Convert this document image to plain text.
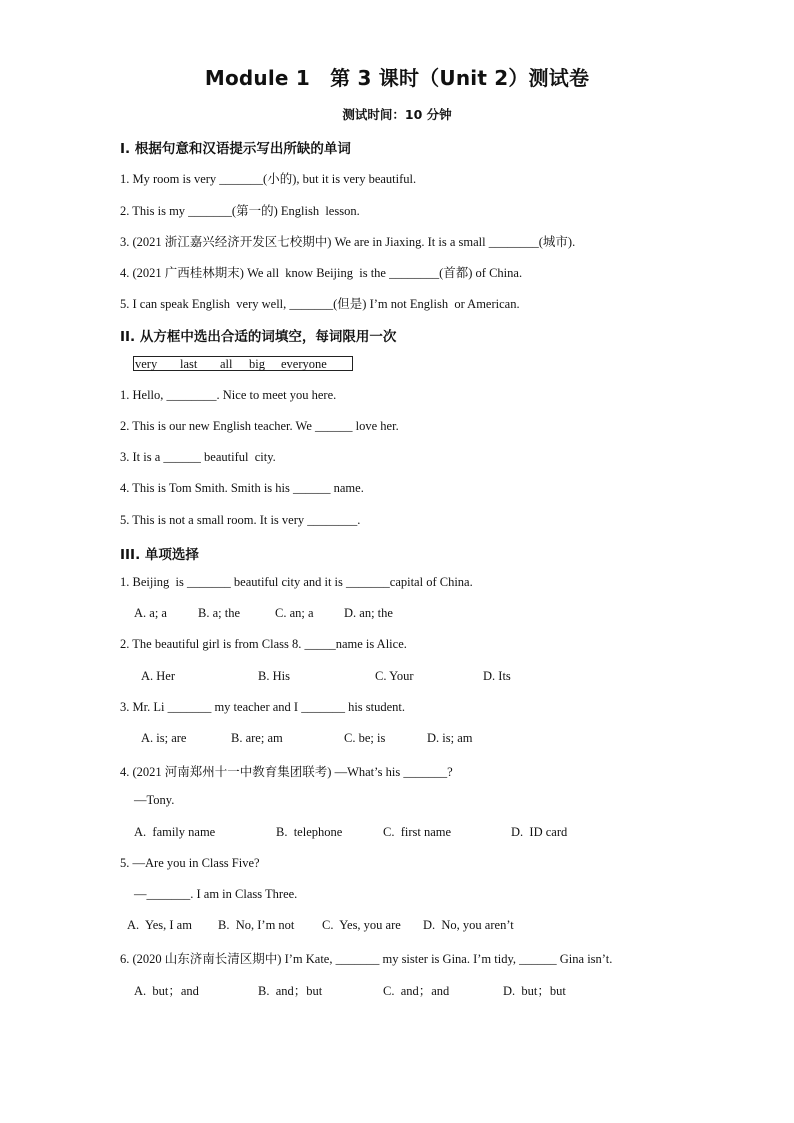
Module 1　第 3 课时（Unit 2）测试卷
测试时间：10 分钟
Ⅰ. 根据句意和汉语提示写出所缺的单词
1. My room is very _______(小的), but it is very beautiful.
2. This is my _______(第一的) English  lesson.
3. (2021 浙江嘉兴经济开发区七校期中) We are in Jiaxing. It is a small ________(城市).
4. (2021 广西桂林期末) We all  know Beijing  is the ________(首都) of China.
5. I can speak English  very well, _______(但是) I’m not English  or American.
II. 从方框中选出合适的词填空，每词限用一次
very last all big everyone
1. Hello, ________. Nice to meet you here.
2. This is our new English teacher. We ______ love her.
3. It is a ______ beautiful  city.
4. This is Tom Smith. Smith is his ______ name.
5. This is not a small room. It is very ________.
III. 单项选择
1. Beijing  is _______ beautiful city and it is _______capital of China.
A. a; a B. a; the	C. an; a D. an; the
2. The beautiful girl is from Class 8. _____name is Alice.
A. Her	B. His	C. Your	D. Its
3. Mr. Li _______ my teacher and I _______ his student.
A. is; are	B. are; am	C. be; is	D. is; am
4. (2021 河南郑州十一中教育集团联考) —What’s his _______?
—Tony.
A.  family name	B.  telephone	C.  first name	D.  ID card
5. —Are you in Class Five?
—_______. I am in Class Three.
A.  Yes, I am B.  No, I’m not C.  Yes, you are D.  No, you aren’t
6. (2020 山东济南长清区期中) I’m Kate, _______ my sister is Gina. I’m tidy, ______ Gina isn’t.
A.  but；and	B.  and；but	C.  and；and	D.  but；but
